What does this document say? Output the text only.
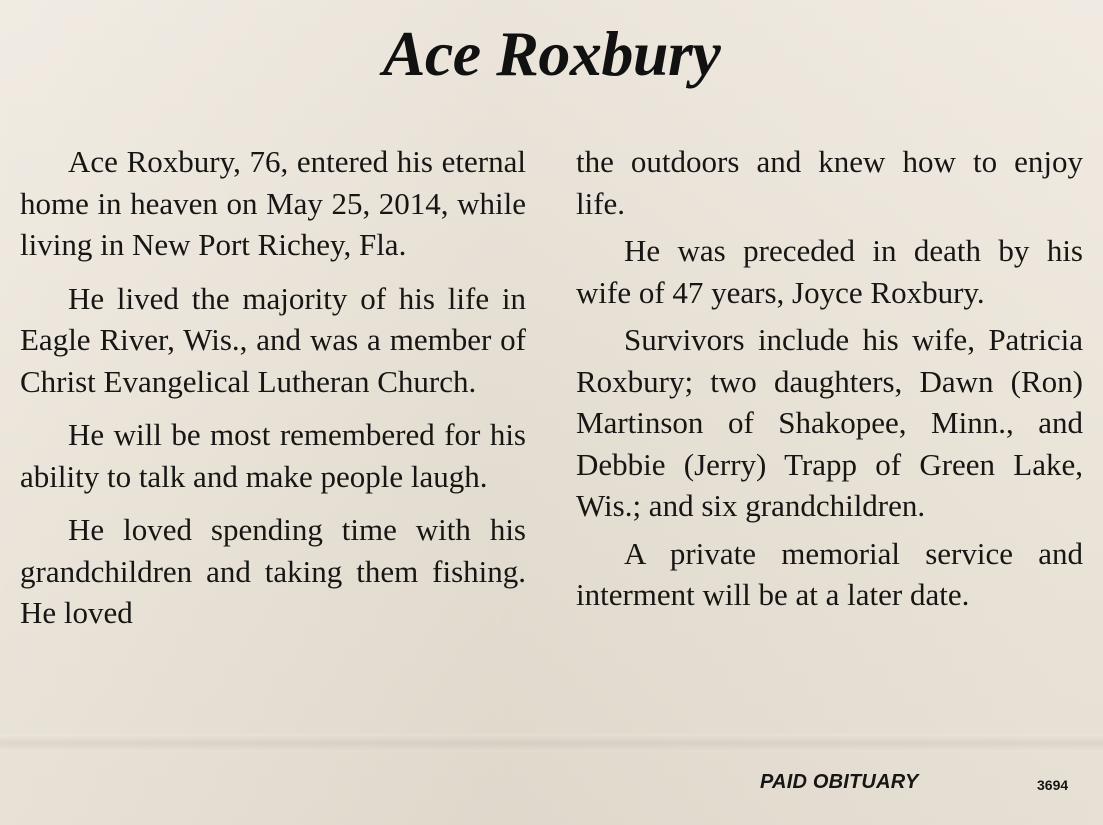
Ace Roxbury

Ace Roxbury, 76, entered his eternal home in heaven on May 25, 2014, while living in New Port Richey, Fla.

He lived the majority of his life in Eagle River, Wis., and was a member of Christ Evangelical Lutheran Church.

He will be most remembered for his ability to talk and make people laugh.

He loved spending time with his grandchildren and taking them fishing. He loved

the outdoors and knew how to enjoy life.

He was preceded in death by his wife of 47 years, Joyce Roxbury.

Survivors include his wife, Patricia Roxbury; two daughters, Dawn (Ron) Martinson of Shakopee, Minn., and Debbie (Jerry) Trapp of Green Lake, Wis.; and six grandchildren.

A private memorial service and interment will be at a later date.

PAID OBITUARY	3694
